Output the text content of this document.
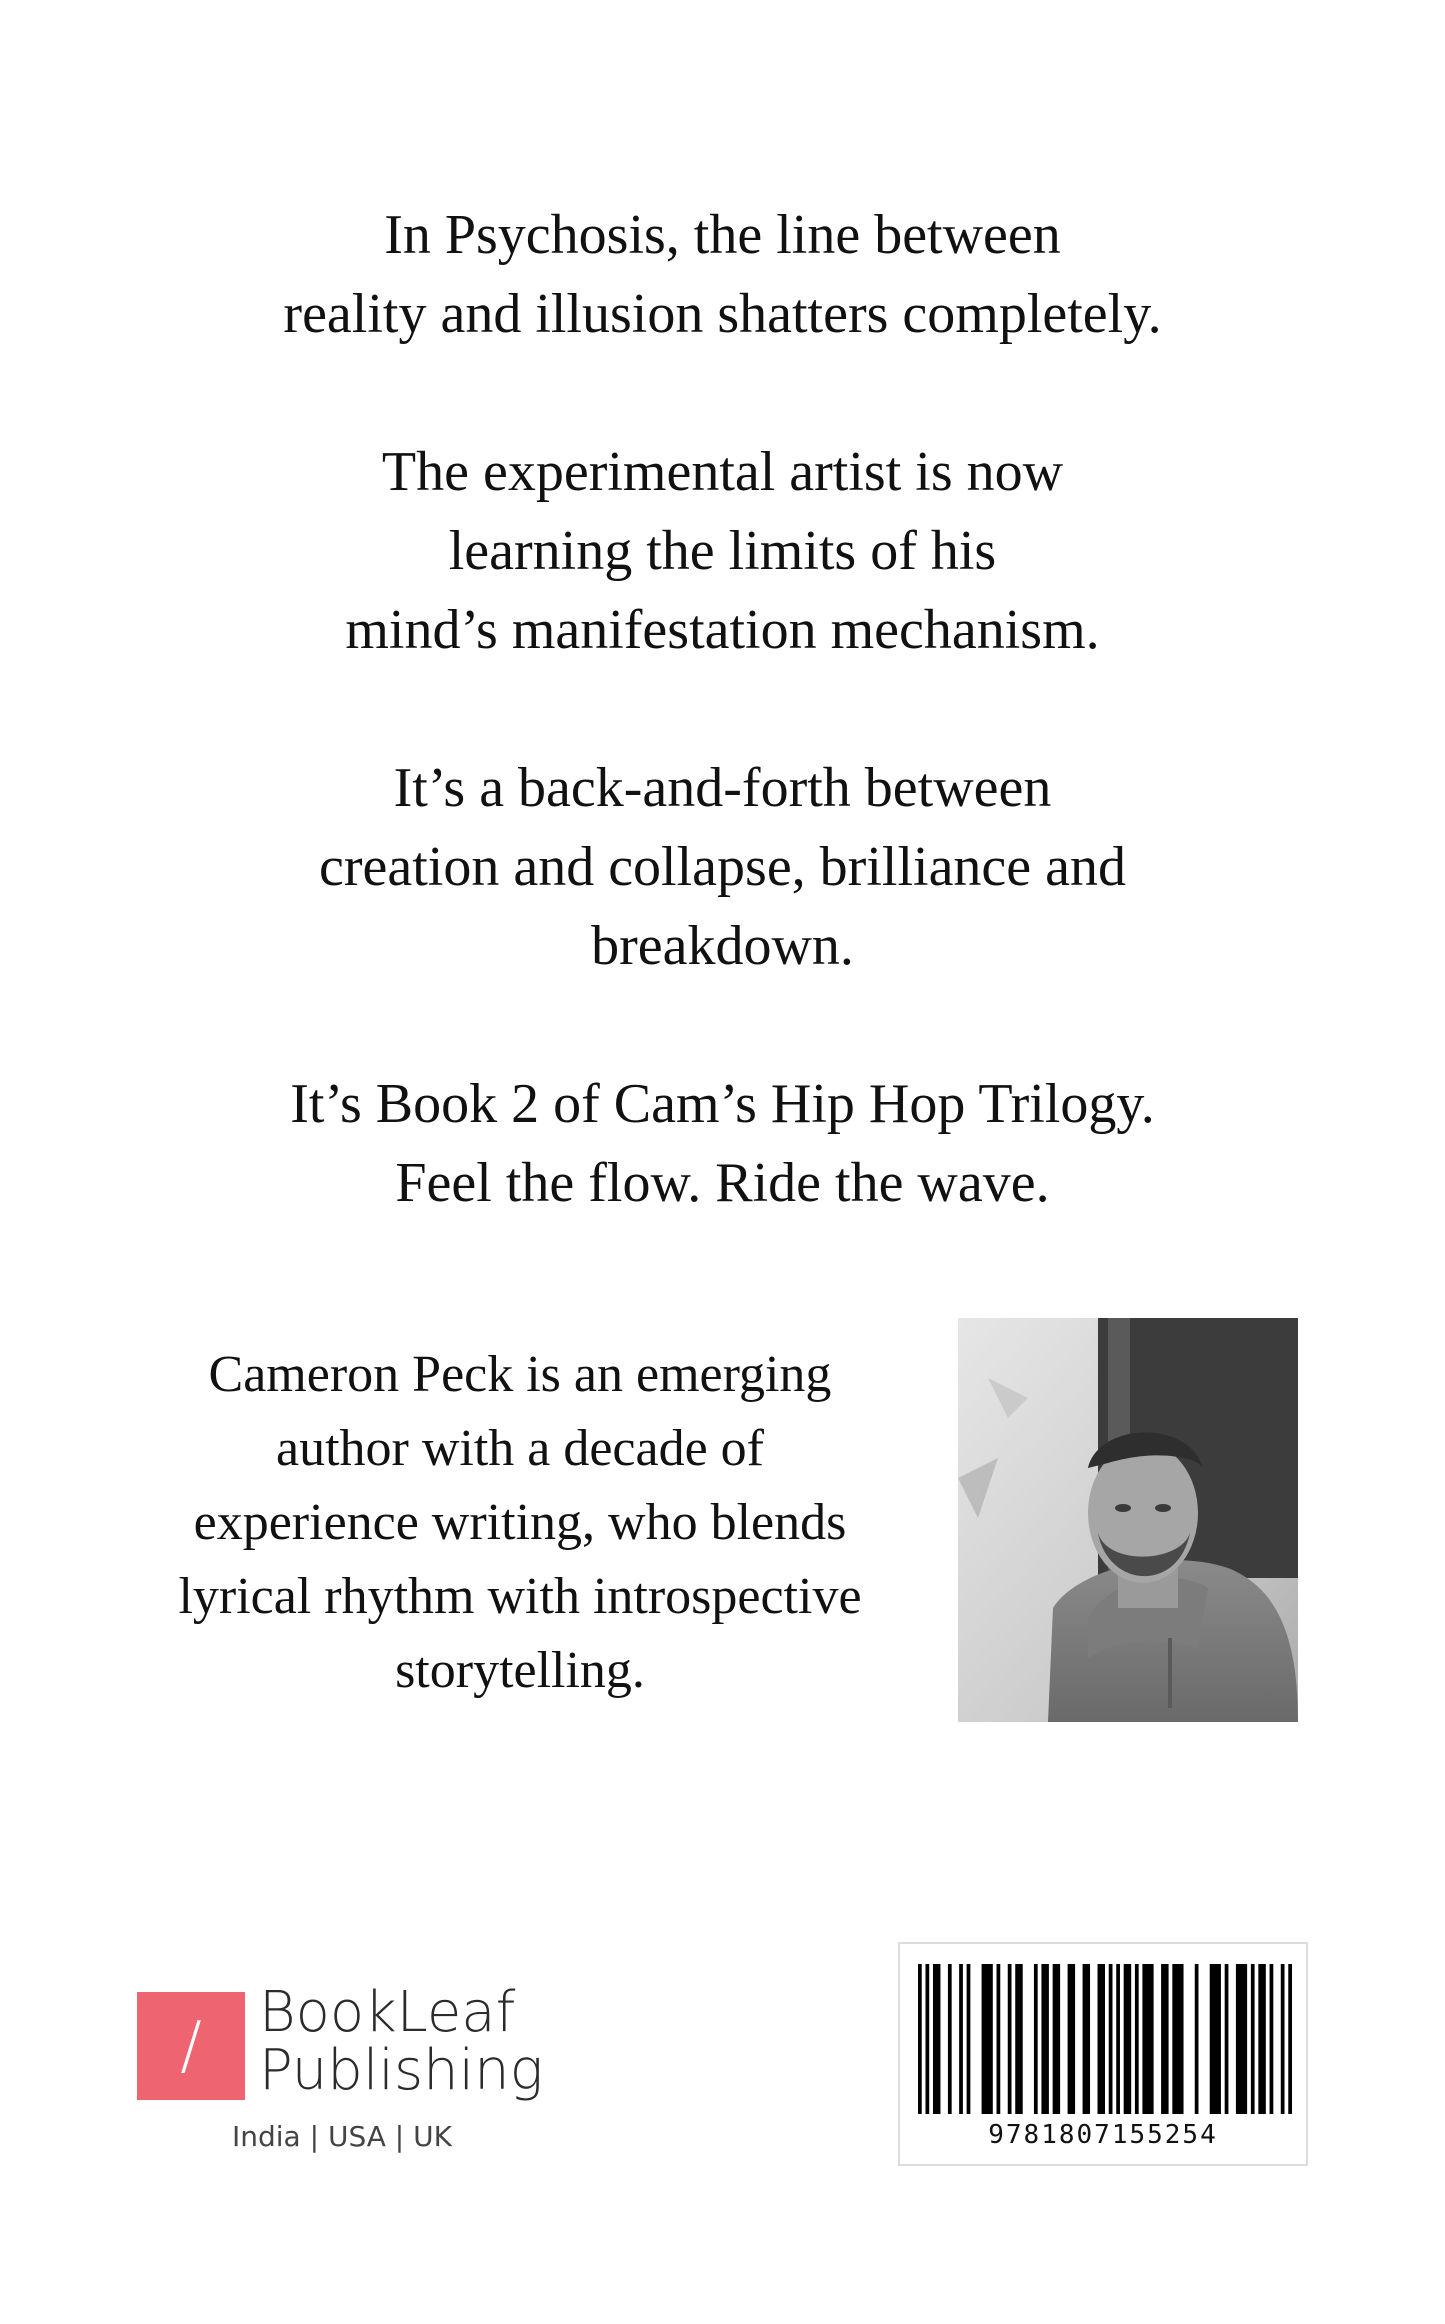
In Psychosis, the line between
reality and illusion shatters completely.

The experimental artist is now
learning the limits of his
mind’s manifestation mechanism.

It’s a back-and-forth between
creation and collapse, brilliance and
breakdown.

It’s Book 2 of Cam’s Hip Hop Trilogy.
Feel the flow. Ride the wave.

Cameron Peck is an emerging
author with a decade of
experience writing, who blends
lyrical rhythm with introspective
storytelling.
/	BookLeaf
Publishing
India | USA | UK	9781807155254
